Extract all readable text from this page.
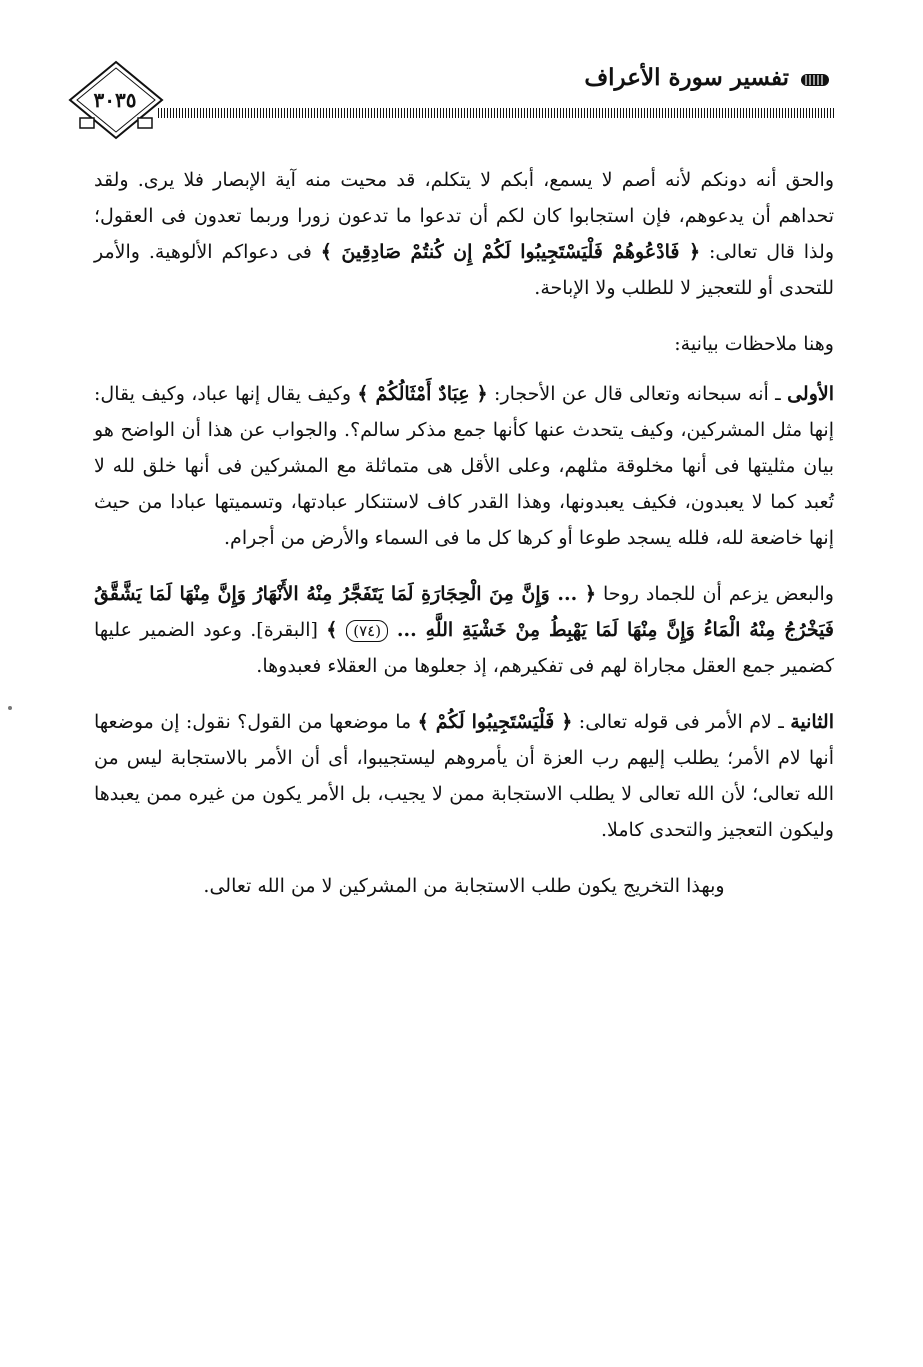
تفسير سورة الأعراف
٣٠٣٥

والحق أنه دونكم لأنه أصم لا يسمع، أبكم لا يتكلم، قد محيت منه آية الإبصار فلا يرى. ولقد تحداهم أن يدعوهم، فإن استجابوا كان لكم أن تدعوا ما تدعون زورا وربما تعدون فى العقول؛ ولذا قال تعالى: ﴿ فَادْعُوهُمْ فَلْيَسْتَجِيبُوا لَكُمْ إِن كُنتُمْ صَادِقِينَ ﴾ فى دعواكم الألوهية. والأمر للتحدى أو للتعجيز لا للطلب ولا الإباحة.

وهنا ملاحظات بيانية:

الأولى ـ أنه سبحانه وتعالى قال عن الأحجار: ﴿ عِبَادٌ أَمْثَالُكُمْ ﴾ وكيف يقال إنها عباد، وكيف يقال: إنها مثل المشركين، وكيف يتحدث عنها كأنها جمع مذكر سالم؟. والجواب عن هذا أن الواضح هو بيان مثليتها فى أنها مخلوقة مثلهم، وعلى الأقل هى متماثلة مع المشركين فى أنها خلق لله لا تُعبد كما لا يعبدون، فكيف يعبدونها، وهذا القدر كاف لاستنكار عبادتها، وتسميتها عبادا من حيث إنها خاضعة لله، فلله يسجد طوعا أو كرها كل ما فى السماء والأرض من أجرام.

والبعض يزعم أن للجماد روحا ﴿ ... وَإِنَّ مِنَ الْحِجَارَةِ لَمَا يَتَفَجَّرُ مِنْهُ الأَنْهَارُ وَإِنَّ مِنْهَا لَمَا يَشَّقَّقُ فَيَخْرُجُ مِنْهُ الْمَاءُ وَإِنَّ مِنْهَا لَمَا يَهْبِطُ مِنْ خَشْيَةِ اللَّهِ ... (٧٤) ﴾ [البقرة]. وعود الضمير عليها كضمير جمع العقل مجاراة لهم فى تفكيرهم، إذ جعلوها من العقلاء فعبدوها.

الثانية ـ لام الأمر فى قوله تعالى: ﴿ فَلْيَسْتَجِيبُوا لَكُمْ ﴾ ما موضعها من القول؟ نقول: إن موضعها أنها لام الأمر؛ يطلب إليهم رب العزة أن يأمروهم ليستجيبوا، أى أن الأمر بالاستجابة ليس من الله تعالى؛ لأن الله تعالى لا يطلب الاستجابة ممن لا يجيب، بل الأمر يكون من غيره ممن يعبدها وليكون التعجيز والتحدى كاملا.

وبهذا التخريج يكون طلب الاستجابة من المشركين لا من الله تعالى.
